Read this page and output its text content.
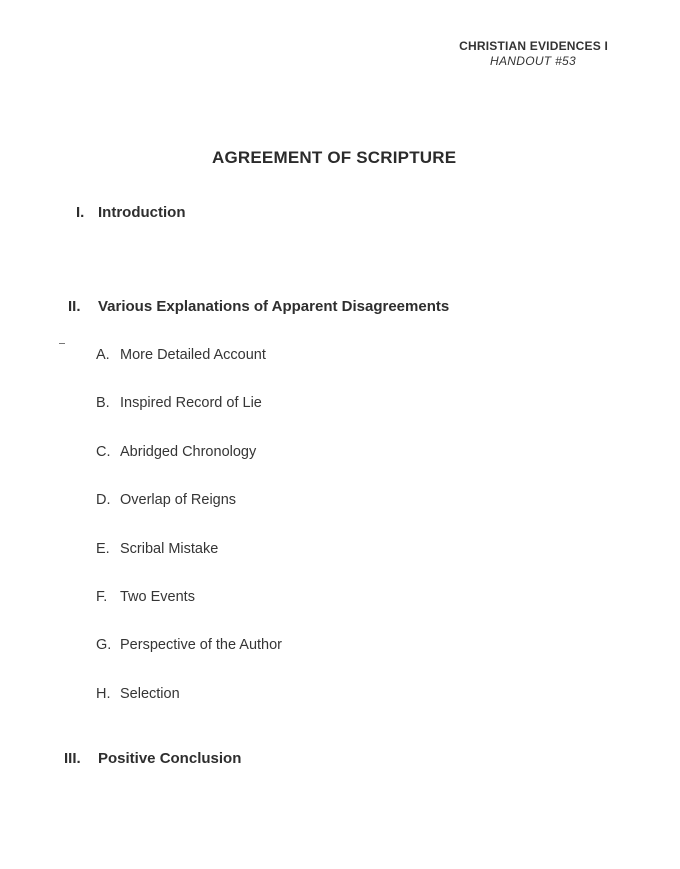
CHRISTIAN EVIDENCES I
HANDOUT #53
AGREEMENT OF SCRIPTURE
I. Introduction
II. Various Explanations of Apparent Disagreements
A. More Detailed Account
B. Inspired Record of Lie
C. Abridged Chronology
D. Overlap of Reigns
E. Scribal Mistake
F. Two Events
G. Perspective of the Author
H. Selection
III. Positive Conclusion
